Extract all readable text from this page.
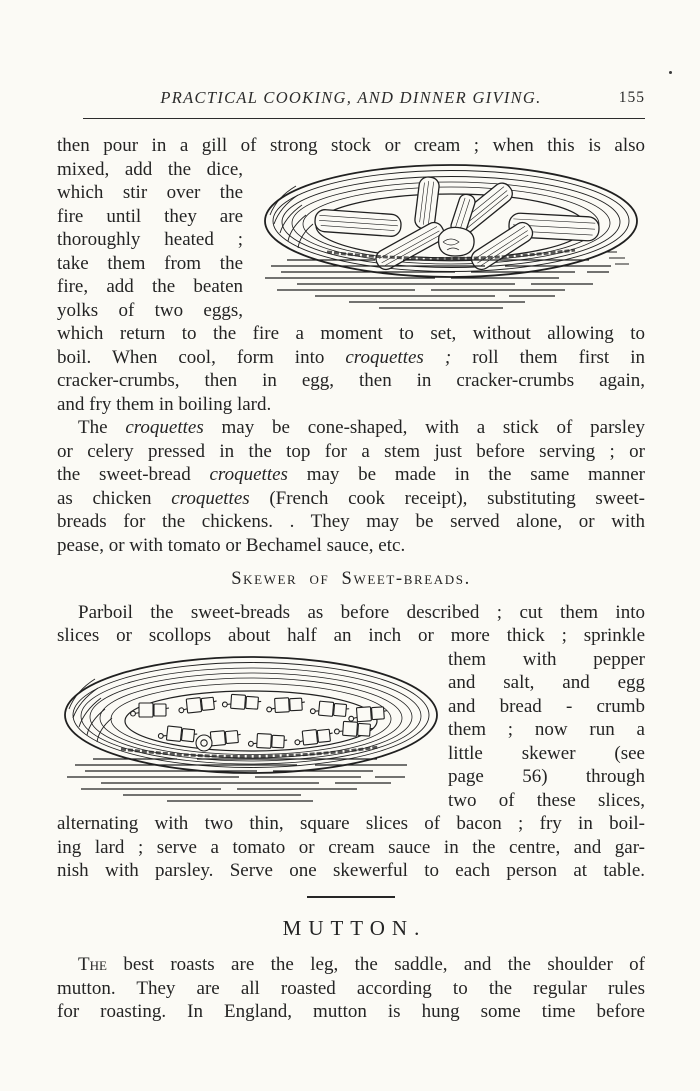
PRACTICAL COOKING, AND DINNER GIVING.	155
then pour in a gill of strong stock or cream ; when this is also
mixed, add the dice,
which stir over the
fire until they are
thoroughly heated ;
take them from the
fire, add the beaten
yolks of two eggs,
which return to the fire a moment to set, without allowing to
boil. When cool, form into croquettes ; roll them first in
cracker-crumbs, then in egg, then in cracker-crumbs again,
and fry them in boiling lard.
The croquettes may be cone-shaped, with a stick of parsley
or celery pressed in the top for a stem just before serving ; or
the sweet-bread croquettes may be made in the same manner
as chicken croquettes (French cook receipt), substituting sweet-
breads for the chickens. . They may be served alone, or with
pease, or with tomato or Bechamel sauce, etc.
Skewer of Sweet-breads.
Parboil the sweet-breads as before described ; cut them into
slices or scollops about half an inch or more thick ; sprinkle
them with pepper
and salt, and egg
and bread - crumb
them ; now run a
little skewer (see
page 56) through
two of these slices,
alternating with two thin, square slices of bacon ; fry in boil-
ing lard ; serve a tomato or cream sauce in the centre, and gar-
nish with parsley. Serve one skewerful to each person at table.
MUTTON.
The best roasts are the leg, the saddle, and the shoulder of
mutton. They are all roasted according to the regular rules
for roasting. In England, mutton is hung some time before
